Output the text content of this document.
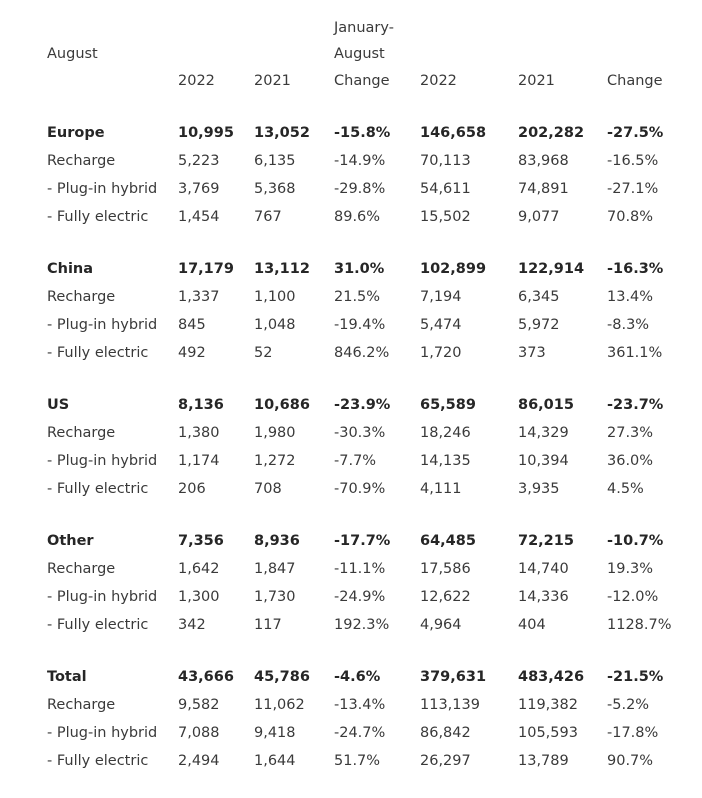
August
January-
August
2022	2021	Change 2022	2021	Change
Europe	10,995 13,052 -15.8% 146,658 202,282 -27.5%
Recharge	5,223 6,135	-14.9% 70,113	83,968	-16.5%
- Plug-in hybrid 3,769 5,368	-29.8% 54,611	74,891	-27.1%
- Fully electric 1,454 767	89.6%	15,502	9,077	70.8%
China	17,179 13,112 31.0% 102,899 122,914 -16.3%
Recharge	1,337 1,100	21.5%	7,194	6,345	13.4%
- Plug-in hybrid 845	1,048	-19.4% 5,474	5,972	-8.3%
- Fully electric 492	52	846.2% 1,720	373	361.1%
US	8,136 10,686 -23.9% 65,589	86,015 -23.7%
Recharge	1,380 1,980	-30.3% 18,246	14,329	27.3%
- Plug-in hybrid 1,174 1,272	-7.7%	14,135	10,394	36.0%
- Fully electric 206	708	-70.9% 4,111	3,935	4.5%
Other	7,356 8,936 -17.7% 64,485	72,215 -10.7%
Recharge	1,642 1,847	-11.1% 17,586	14,740	19.3%
- Plug-in hybrid 1,300 1,730	-24.9% 12,622	14,336	-12.0%
- Fully electric 342	117	192.3% 4,964	404	1128.7%
Total	43,666 45,786 -4.6%	379,631 483,426 -21.5%
Recharge	9,582 11,062 -13.4% 113,139	119,382 -5.2%
- Plug-in hybrid 7,088 9,418	-24.7% 86,842	105,593 -17.8%
- Fully electric 2,494 1,644	51.7%	26,297	13,789	90.7%
